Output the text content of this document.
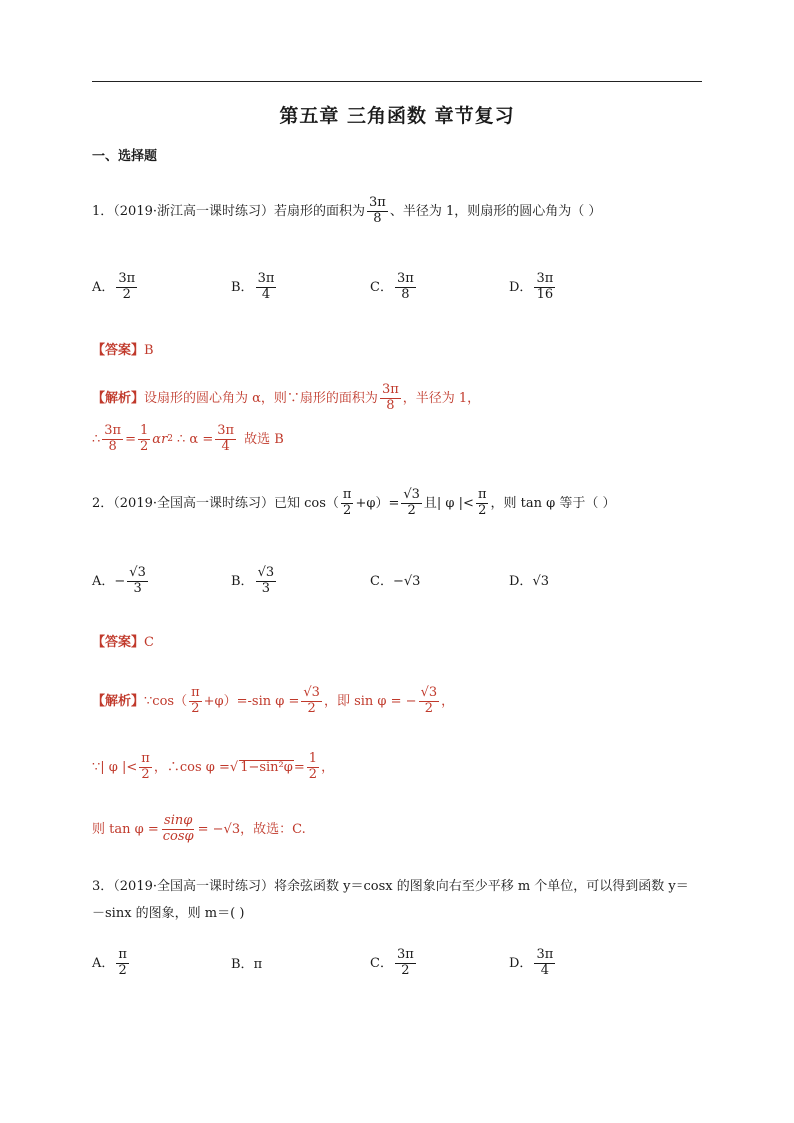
第五章 三角函数 章节复习
一、选择题
1．（2019·浙江高一课时练习）若扇形的面积为 $\frac{3\pi}{8}$ 、半径为 1，则扇形的圆心角为（ ）
A． $\frac{3\pi}{2}$	B． $\frac{3\pi}{4}$	C． $\frac{3\pi}{8}$	D． $\frac{3\pi}{16}$
【答案】 B
【解析】 设扇形的圆心角为 α，则∵扇形的面积为 $\frac{3\pi}{8}$ ，半径为 1，
∴ $\frac{3\pi}{8} = \frac{1}{2}$ αr 2 ∴ $\alpha = \frac{3\pi}{4}$ 故选 B
2．（2019·全国高一课时练习）已知 $\cos( \frac{\pi}{2} +\varphi)= \frac{√3}{2}$ 且| φ |< $\frac{\pi}{2}$ ，则 tan φ 等于（ ）
A． − $\frac{√3}{3}$	B． $\frac{√3}{3}$	C． −√3	D． √3
【答案】 C
【解析】 ∵cos（ $\frac{\pi}{2} +\varphi)=-\sin$ $\varphi = \frac{√3}{2}$ ，即 sin φ = − $\frac{√3}{2}$ ，
∵| φ |< $\frac{\pi}{2}$ ，∴cos φ = √ $1-\sin^2\varphi = \frac{1}{2}$ ，
则 $\tan \varphi = \frac{\sin\varphi}{\cos\varphi} = -√3$ ，故选：C.
3．（2019·全国高一课时练习）将余弦函数 y＝cosx 的图象向右至少平移 m 个单位，可以得到函数 y＝
－sinx 的图象，则 m＝( )
A． $\frac{\pi}{2}$	B． π	C． $\frac{3\pi}{2}$	D． $\frac{3\pi}{4}$
